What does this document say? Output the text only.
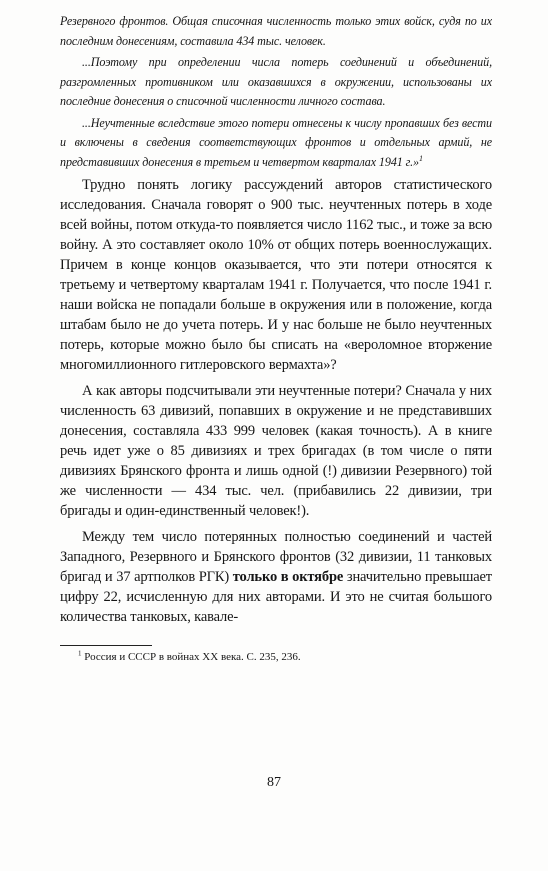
Резервного фронтов. Общая списочная численность только этих войск, судя по их последним донесениям, составила 434 тыс. человек.

...Поэтому при определении числа потерь соединений и объединений, разгромленных противником или оказавшихся в окружении, использованы их последние донесения о списочной численности личного состава.

...Неучтенные вследствие этого потери отнесены к числу пропавших без вести и включены в сведения соответствующих фронтов и отдельных армий, не представивших донесения в третьем и четвертом кварталах 1941 г.»$^1$

Трудно понять логику рассуждений авторов статистического исследования. Сначала говорят о 900 тыс. неучтенных потерь в ходе всей войны, потом откуда-то появляется число 1162 тыс., и тоже за всю войну. А это составляет около 10% от общих потерь военнослужащих. Причем в конце концов оказывается, что эти потери относятся к третьему и четвертому кварталам 1941 г. Получается, что после 1941 г. наши войска не попадали больше в окружения или в положение, когда штабам было не до учета потерь. И у нас больше не было неучтенных потерь, которые можно было бы списать на «вероломное вторжение многомиллионного гитлеровского вермахта»?

А как авторы подсчитывали эти неучтенные потери? Сначала у них численность 63 дивизий, попавших в окружение и не представивших донесения, составляла 433 999 человек (какая точность). А в книге речь идет уже о 85 дивизиях и трех бригадах (в том числе о пяти дивизиях Брянского фронта и лишь одной (!) дивизии Резервного) той же численности — 434 тыс. чел. (прибавились 22 дивизии, три бригады и один-единственный человек!).

Между тем число потерянных полностью соединений и частей Западного, Резервного и Брянского фронтов (32 дивизии, 11 танковых бригад и 37 артполков РГК) только в октябре значительно превышает цифру 22, исчисленную для них авторами. И это не считая большого количества танковых, кавале-

$^1$ Россия и СССР в войнах XX века. С. 235, 236.
87
